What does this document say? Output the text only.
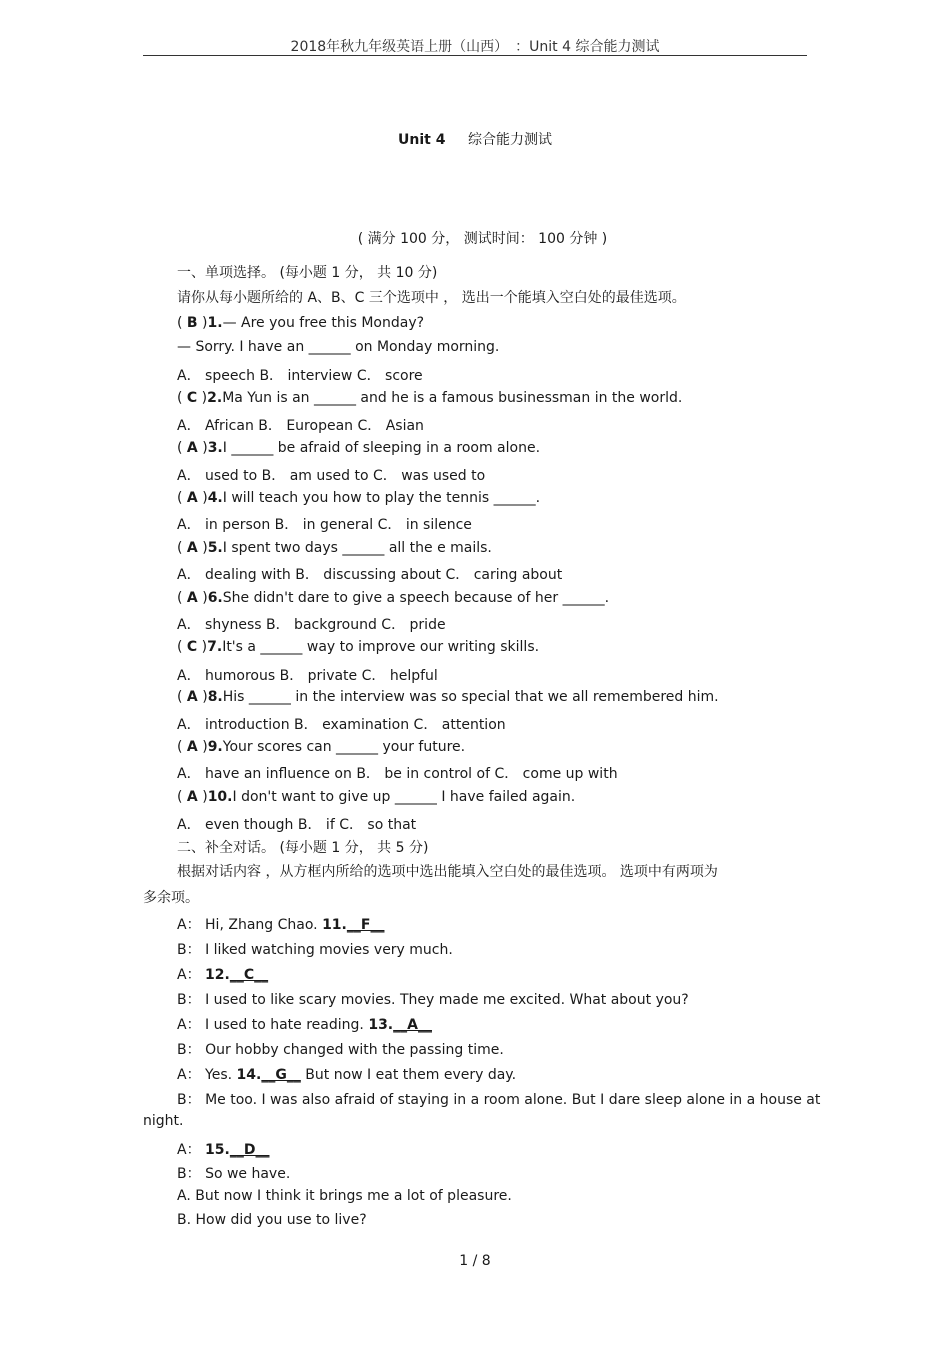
2018年秋九年级英语上册（山西）　：Unit 4 综合能力测试
Unit 4 综合能力测试
( 满分 100 分， 测试时间： 100 分钟 )
一、单项选择。 (每小题 1 分， 共 10 分)
请你从每小题所给的 A、B、C 三个选项中 ， 选出一个能填入空白处的最佳选项。
( B )1.— Are you free this Monday?
— Sorry. I have an ______ on Monday morning.
A． speech B． interview C． score
( C )2.Ma Yun is an ______ and he is a famous businessman in the world.
A． African B． European C． Asian
( A )3.I ______ be afraid of sleeping in a room alone.
A． used to B． am used to C． was used to
( A )4.I will teach you how to play the tennis ______.
A． in person B． in general C． in silence
( A )5.I spent two days ______ all the e mails.
A． dealing with B． discussing about C． caring about
( A )6.She didn't dare to give a speech because of her ______.
A． shyness B． background C． pride
( C )7.It's a ______ way to improve our writing skills.
A． humorous B． private C． helpful
( A )8.His ______ in the interview was so special that we all remembered him.
A． introduction B． examination C． attention
( A )9.Your scores can ______ your future.
A． have an influence on B． be in control of C． come up with
( A )10.I don't want to give up ______ I have failed again.
A． even though B． if C． so that
二、补全对话。 (每小题 1 分， 共 5 分)
根据对话内容 ，从方框内所给的选项中选出能填入空白处的最佳选项。 选项中有两项为
多余项。
A： Hi, Zhang Chao. 11.__F__
B： I liked watching movies very much.
A： 12.__C__
B： I used to like scary movies. They made me excited. What about you?
A： I used to hate reading. 13.__A__
B： Our hobby changed with the passing time.
A： Yes. 14.__G__ But now I eat them every day.
B： Me too. I was also afraid of staying in a room alone. But I dare sleep alone in a house at
night.
A： 15.__D__
B： So we have.
A. But now I think it brings me a lot of pleasure.
B. How did you use to live?
1 / 8
